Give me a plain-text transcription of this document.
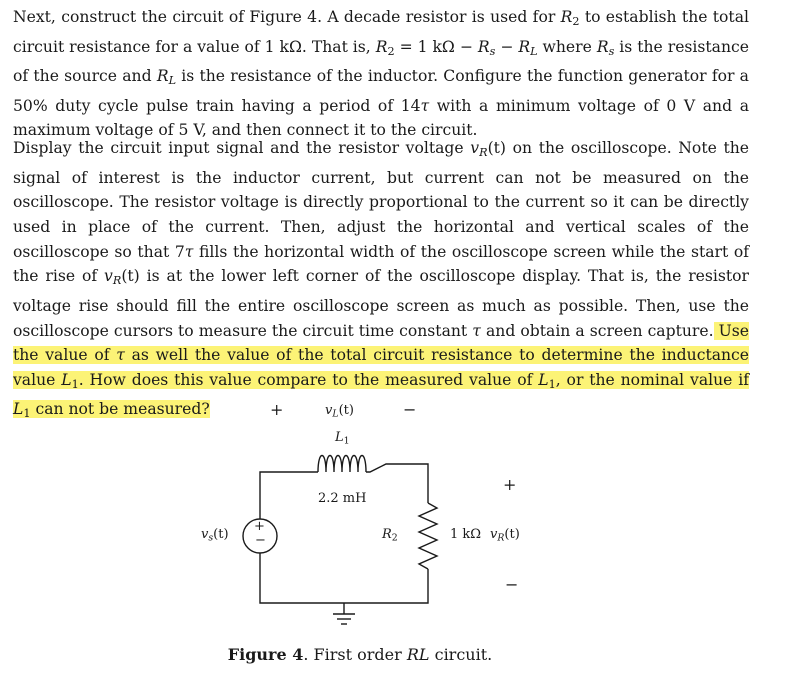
Next, construct the circuit of Figure 4. A decade resistor is used for $R_2$ to establish the total circuit resistance for a value of 1 kΩ. That is, $R_2 = 1$ kΩ − Rs − RL where Rs is the resistance of the source and RL is the resistance of the inductor. Configure the function generator for a 50% duty cycle pulse train having a period of 14τ with a minimum voltage of 0 V and a maximum voltage of 5 V, and then connect it to the circuit.

Display the circuit input signal and the resistor voltage vR(t) on the oscilloscope. Note the signal of interest is the inductor current, but current can not be measured on the oscilloscope. The resistor voltage is directly proportional to the current so it can be directly used in place of the current. Then, adjust the horizontal and vertical scales of the oscilloscope so that 7τ fills the horizontal width of the oscilloscope screen while the start of the rise of vR(t) is at the lower left corner of the oscilloscope display. That is, the resistor voltage rise should fill the entire oscilloscope screen as much as possible. Then, use the oscilloscope cursors to measure the circuit time constant τ and obtain a screen capture. Use the value of τ as well the value of the total circuit resistance to determine the inductance value $L_1$. How does this value compare to the measured value of $L_1$, or the nominal value if $L_1$ can not be measured?	+	−
vL(t)
L1
2.2 mH
+
−
vs(t)	R2	1 kΩ vR(t)
+
−
Figure 4. First order RL circuit.
